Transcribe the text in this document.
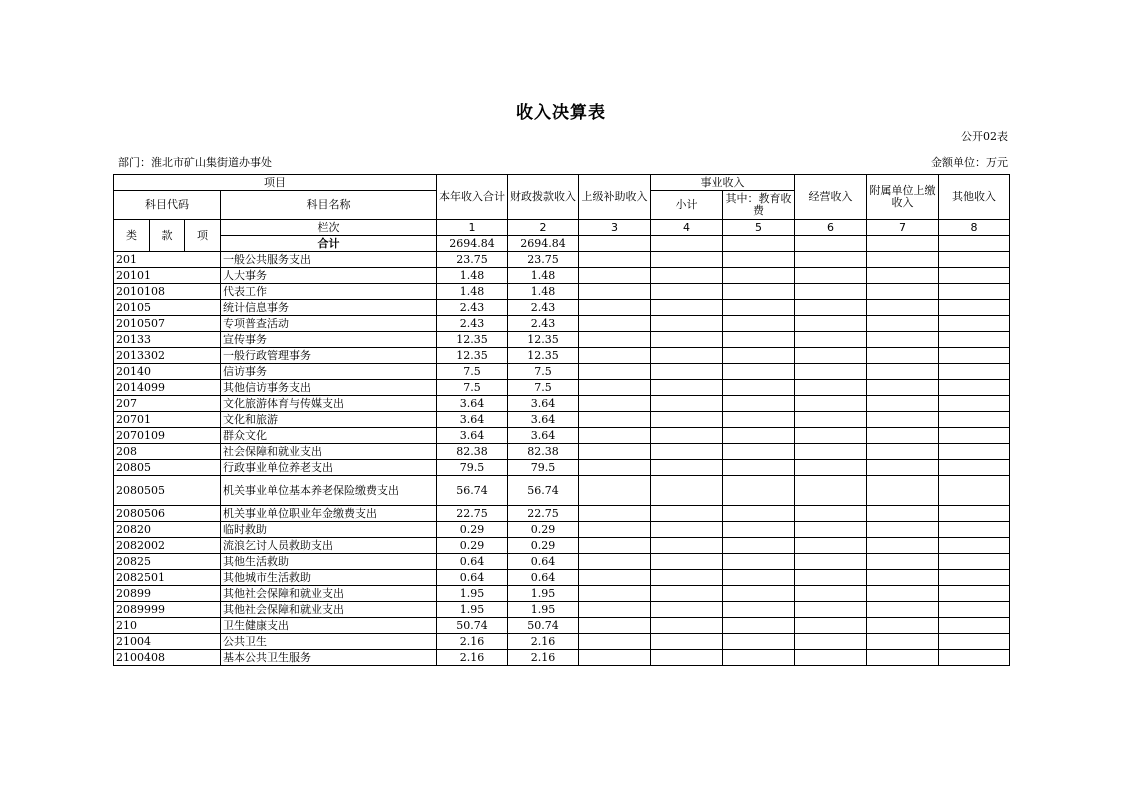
收入决算表
公开02表
部门：淮北市矿山集街道办事处	金额单位：万元
项目				本年收入合计	财政拨款收入	上级补助收入	事业收入		经营收入	附属单位上缴收入	其他收入
科目代码			科目名称				小计	其中：教育收费			
类	款	项	栏次	1	2	3	4	5	6	7	8
			合计	2694.84	2694.84						
201			一般公共服务支出	23.75	23.75						
20101			人大事务	1.48	1.48						
2010108			代表工作	1.48	1.48						
20105			统计信息事务	2.43	2.43						
2010507			专项普查活动	2.43	2.43						
20133			宣传事务	12.35	12.35						
2013302			一般行政管理事务	12.35	12.35						
20140			信访事务	7.5	7.5						
2014099			其他信访事务支出	7.5	7.5						
207			文化旅游体育与传媒支出	3.64	3.64						
20701			文化和旅游	3.64	3.64						
2070109			群众文化	3.64	3.64						
208			社会保障和就业支出	82.38	82.38						
20805			行政事业单位养老支出	79.5	79.5						
2080505			机关事业单位基本养老保险缴费支出	56.74	56.74						
2080506			机关事业单位职业年金缴费支出	22.75	22.75						
20820			临时救助	0.29	0.29						
2082002			流浪乞讨人员救助支出	0.29	0.29						
20825			其他生活救助	0.64	0.64						
2082501			其他城市生活救助	0.64	0.64						
20899			其他社会保障和就业支出	1.95	1.95						
2089999			其他社会保障和就业支出	1.95	1.95						
210			卫生健康支出	50.74	50.74						
21004			公共卫生	2.16	2.16						
2100408			基本公共卫生服务	2.16	2.16						
